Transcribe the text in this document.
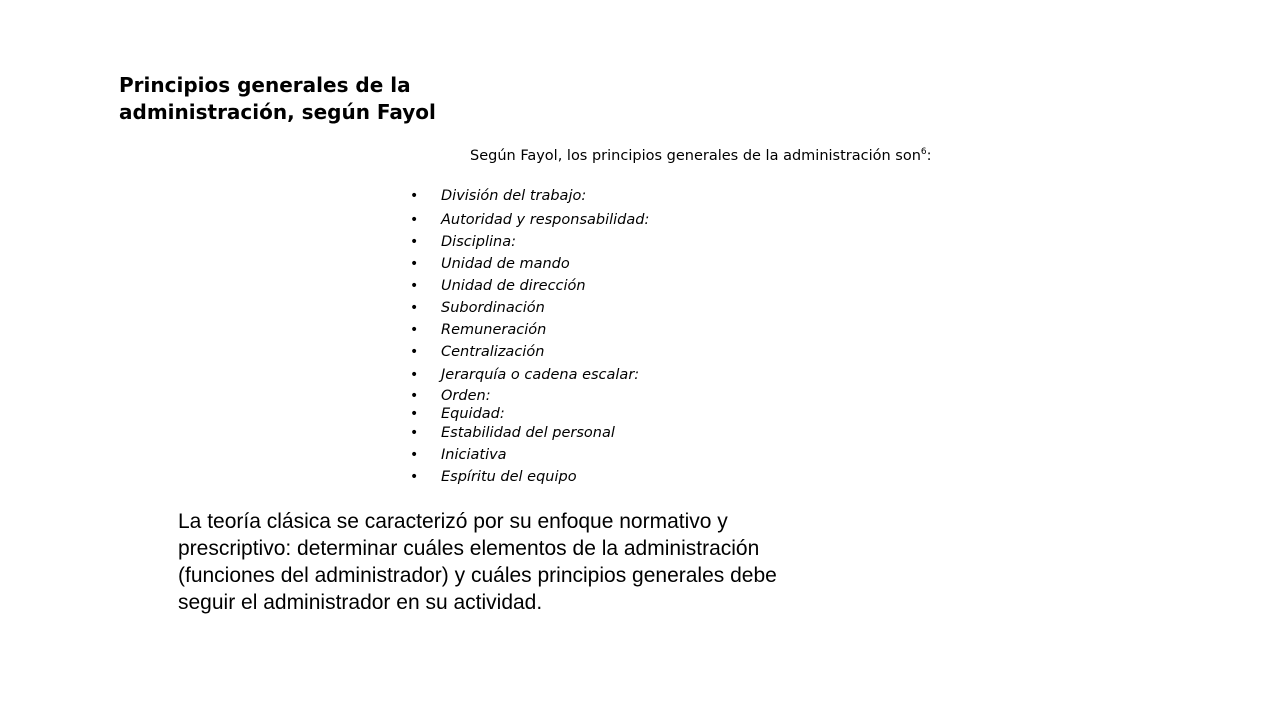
Principios generales de la administración, según Fayol

Según Fayol, los principios generales de la administración son$^6$:

• División del trabajo:
• Autoridad y responsabilidad:
• Disciplina:
• Unidad de mando
• Unidad de dirección
• Subordinación
• Remuneración
• Centralización
• Jerarquía o cadena escalar:
• Orden:
• Equidad:
• Estabilidad del personal
• Iniciativa
• Espíritu del equipo

La teoría clásica se caracterizó por su enfoque normativo y prescriptivo: determinar cuáles elementos de la administración (funciones del administrador) y cuáles principios generales debe seguir el administrador en su actividad.
